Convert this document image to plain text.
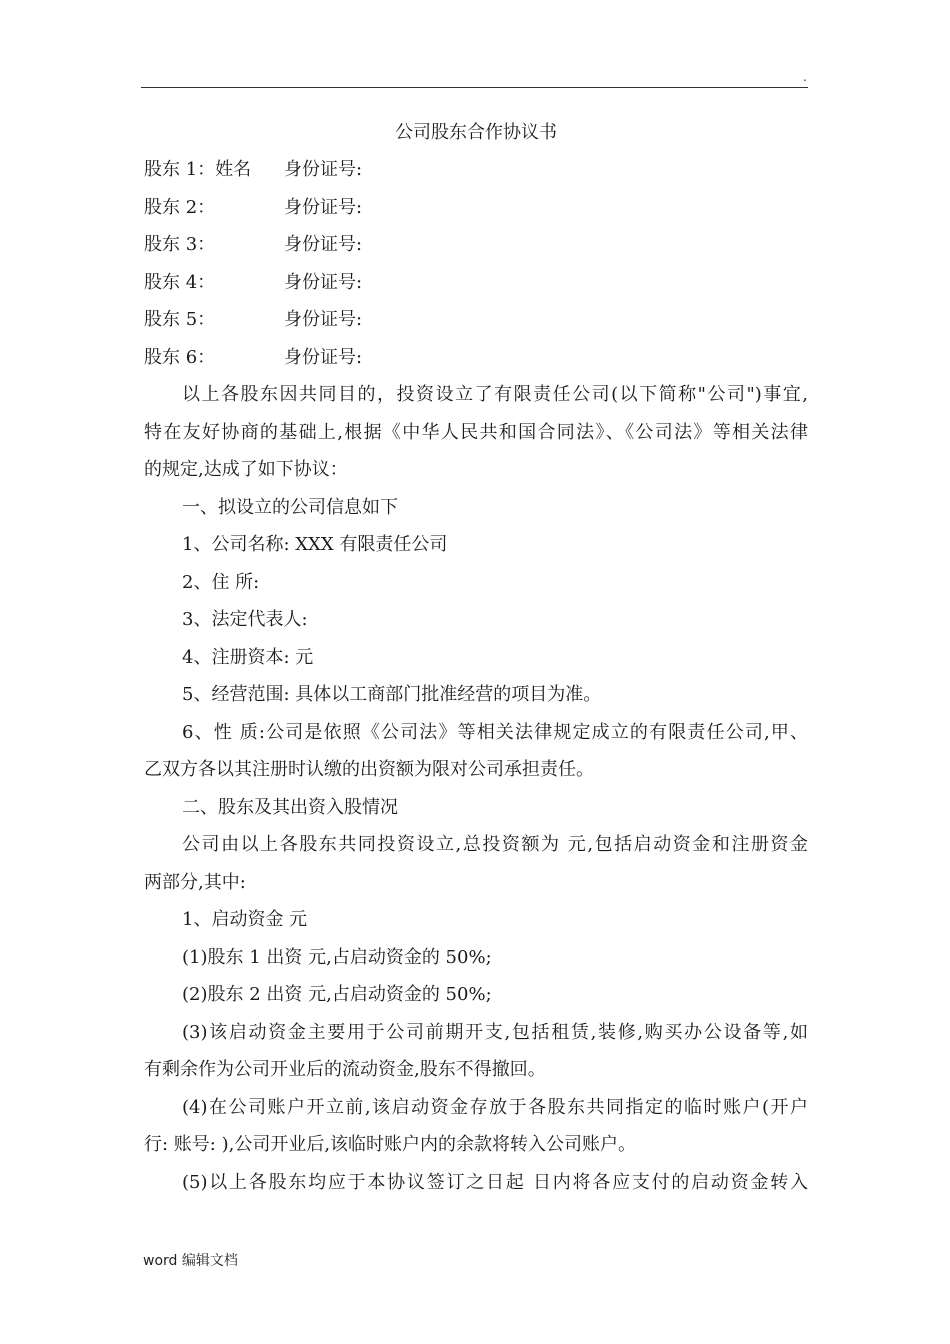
.
公司股东合作协议书
股东 1：姓名 身份证号:
股东 2：	身份证号:
股东 3：	身份证号:
股东 4：	身份证号:
股东 5：	身份证号:
股东 6：	身份证号:
以上各股东因共同目的，投资设立了有限责任公司(以下简称"公司")事宜,
特在友好协商的基础上,根据《中华人民共和国合同法》、《公司法》等相关法律
的规定,达成了如下协议：
一、拟设立的公司信息如下
1、公司名称: XXX 有限责任公司
2、住 所:
3、法定代表人:
4、注册资本: 元
5、经营范围: 具体以工商部门批准经营的项目为准。
6、性 质:公司是依照《公司法》等相关法律规定成立的有限责任公司,甲、
乙双方各以其注册时认缴的出资额为限对公司承担责任。
二、股东及其出资入股情况
公司由以上各股东共同投资设立,总投资额为 元,包括启动资金和注册资金
两部分,其中:
1、启动资金 元
(1)股东 1 出资 元,占启动资金的 50%;
(2)股东 2 出资 元,占启动资金的 50%;
(3)该启动资金主要用于公司前期开支,包括租赁,装修,购买办公设备等,如
有剩余作为公司开业后的流动资金,股东不得撤回。
(4)在公司账户开立前,该启动资金存放于各股东共同指定的临时账户(开户
行: 账号: ),公司开业后,该临时账户内的余款将转入公司账户。
(5)以上各股东均应于本协议签订之日起 日内将各应支付的启动资金转入
word 编辑文档
